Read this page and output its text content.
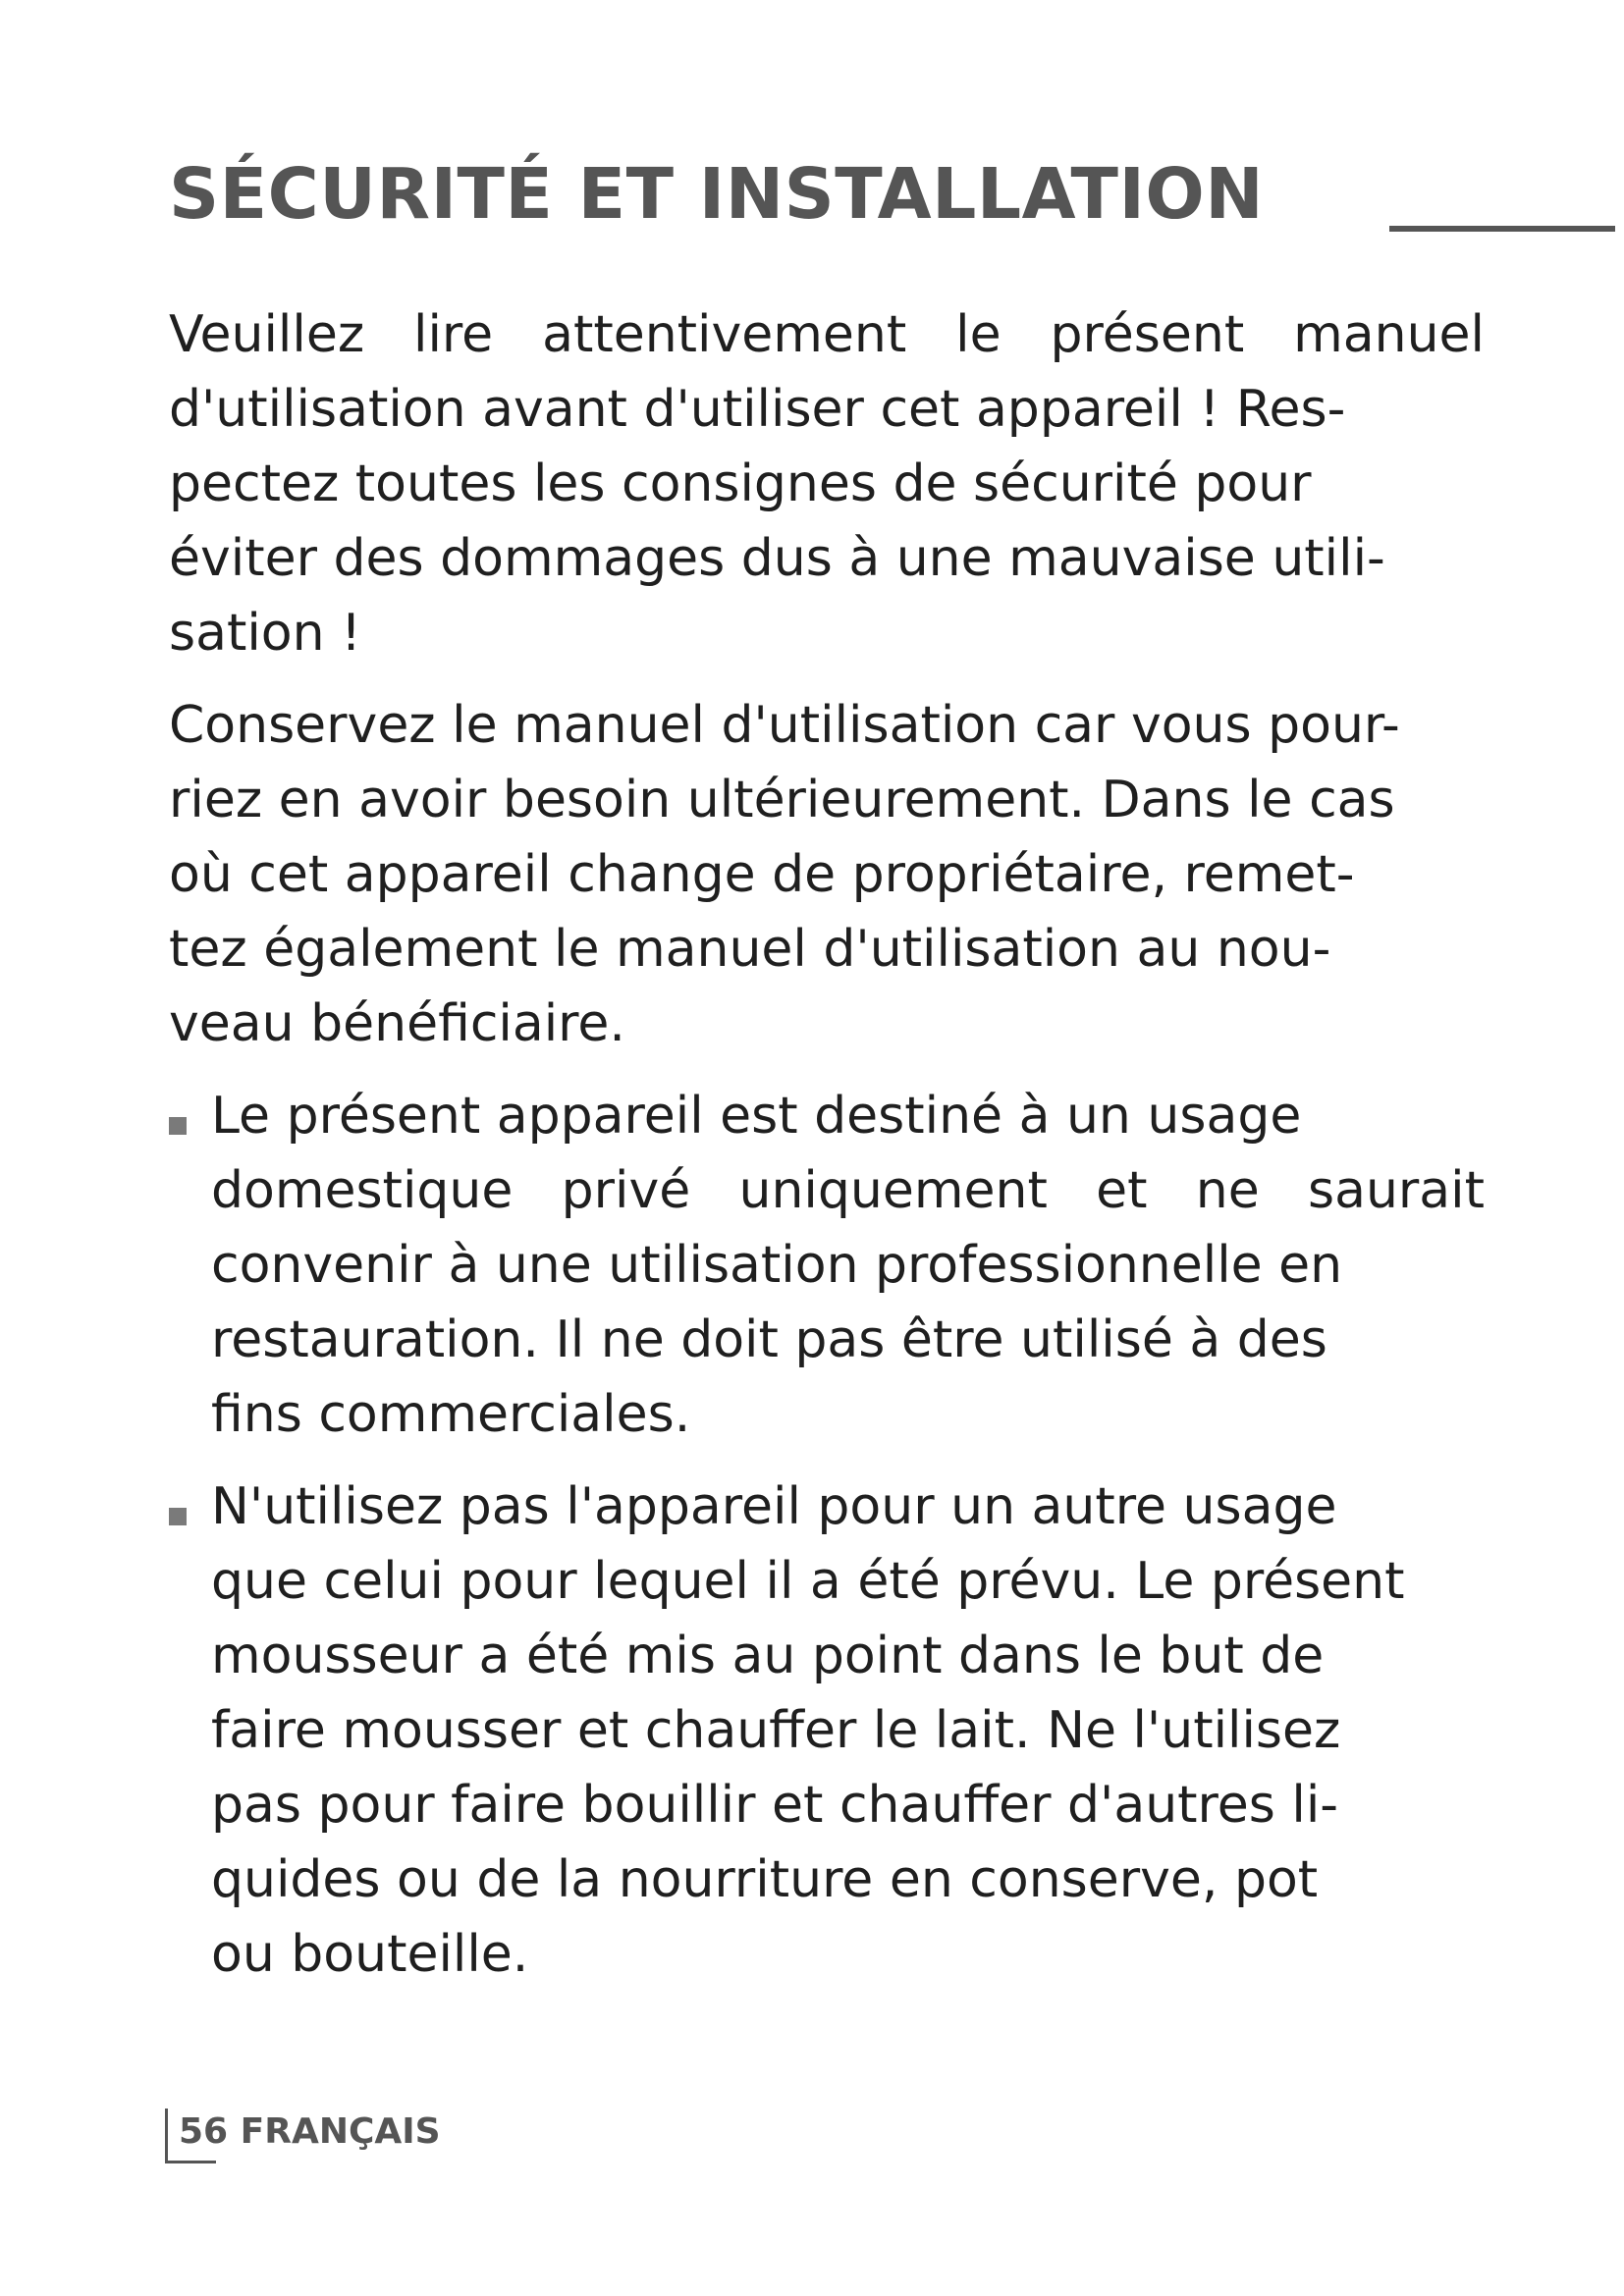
SÉCURITÉ ET INSTALLATION

Veuillez lire attentivement le présent manuel
d'utilisation avant d'utiliser cet appareil ! Res-
pectez toutes les consignes de sécurité pour
éviter des dommages dus à une mauvaise utili-
sation !

Conservez le manuel d'utilisation car vous pour-
riez en avoir besoin ultérieurement. Dans le cas
où cet appareil change de propriétaire, remet-
tez également le manuel d'utilisation au nou-
veau bénéficiaire.

Le présent appareil est destiné à un usage
domestique privé uniquement et ne saurait
convenir à une utilisation professionnelle en
restauration. Il ne doit pas être utilisé à des
fins commerciales.
N'utilisez pas l'appareil pour un autre usage
que celui pour lequel il a été prévu. Le présent
mousseur a été mis au point dans le but de
faire mousser et chauffer le lait. Ne l'utilisez
pas pour faire bouillir et chauffer d'autres li-
quides ou de la nourriture en conserve, pot
ou bouteille.
56 FRANÇAIS
